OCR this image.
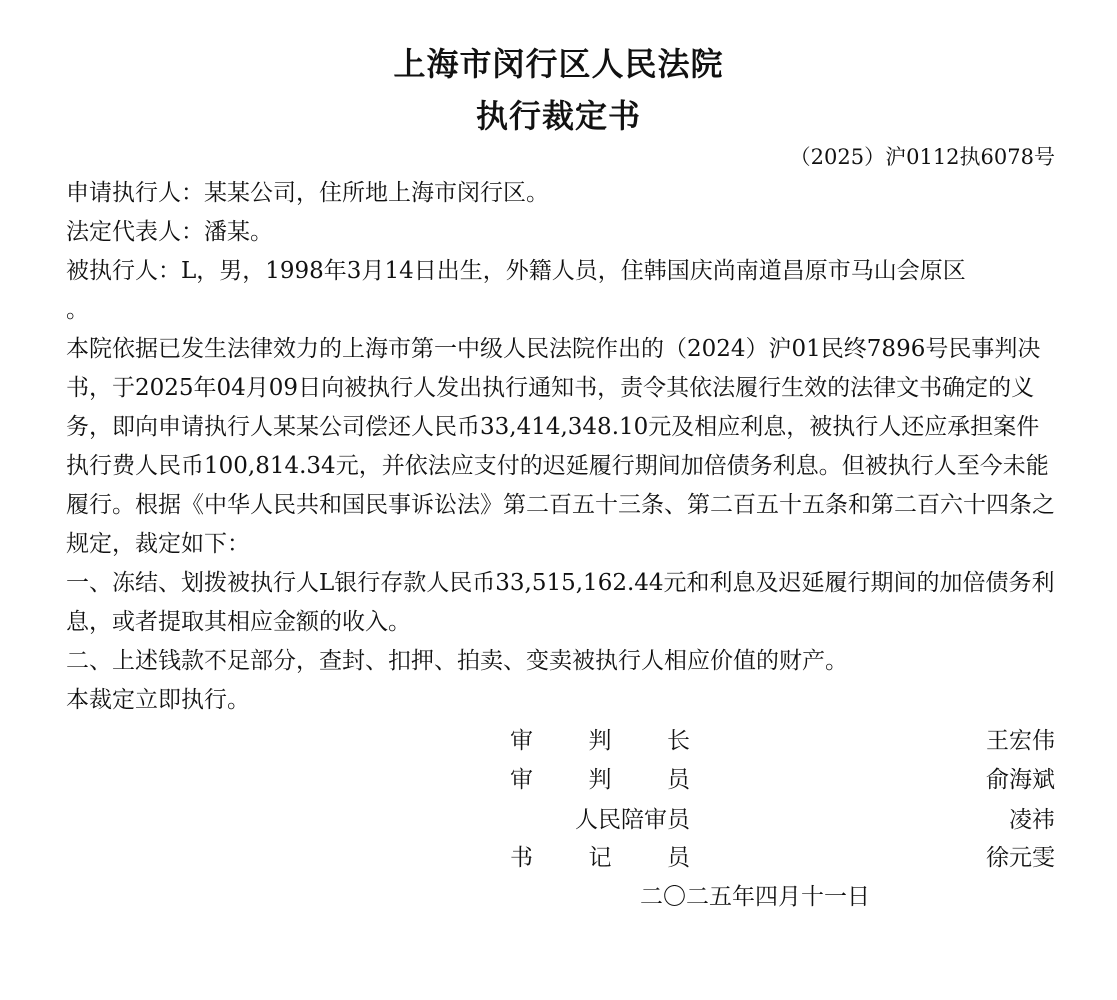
上海市闵行区人民法院
执行裁定书
（2025）沪0112执6078号

申请执行人：某某公司，住所地上海市闵行区。

法定代表人：潘某。

被执行人：L，男，1998年3月14日出生，外籍人员，住韩国庆尚南道昌原市马山会原区

。

本院依据已发生法律效力的上海市第一中级人民法院作出的（2024）沪01民终7896号民事判决书，于2025年04月09日向被执行人发出执行通知书，责令其依法履行生效的法律文书确定的义务，即向申请执行人某某公司偿还人民币33,414,348.10元及相应利息，被执行人还应承担案件执行费人民币100,814.34元，并依法应支付的迟延履行期间加倍债务利息。但被执行人至今未能履行。根据《中华人民共和国民事诉讼法》第二百五十三条、第二百五十五条和第二百六十四条之规定，裁定如下：

一、冻结、划拨被执行人L银行存款人民币33,515,162.44元和利息及迟延履行期间的加倍债务利息，或者提取其相应金额的收入。

二、上述钱款不足部分，查封、扣押、拍卖、变卖被执行人相应价值的财产。

本裁定立即执行。

审 判 长	王宏伟
审 判 员	俞海斌
人民陪审员	凌祎
书 记 员	徐元雯
二〇二五年四月十一日
